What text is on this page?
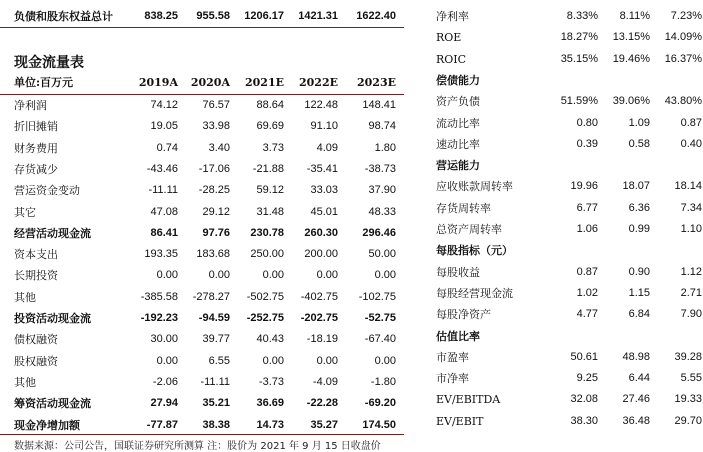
负债和股东权益总计	838.25	955.58	1206.17	1421.31	1622.40
现金流量表
单位:百万元	2019A	2020A	2021E	2022E	2023E
净利润	74.12	76.57	88.64	122.48	148.41
折旧摊销	19.05	33.98	69.69	91.10	98.74
财务费用	0.74	3.40	3.73	4.09	1.80
存货减少	-43.46	-17.06	-21.88	-35.41	-38.73
营运资金变动	-11.11	-28.25	59.12	33.03	37.90
其它	47.08	29.12	31.48	45.01	48.33
经营活动现金流	86.41	97.76	230.78	260.30	296.46
资本支出	193.35	183.68	250.00	200.00	50.00
长期投资	0.00	0.00	0.00	0.00	0.00
其他	-385.58	-278.27	-502.75	-402.75	-102.75
投资活动现金流	-192.23	-94.59	-252.75	-202.75	-52.75
债权融资	30.00	39.77	40.43	-18.19	-67.40
股权融资	0.00	6.55	0.00	0.00	0.00
其他	-2.06	-11.11	-3.73	-4.09	-1.80
筹资活动现金流	27.94	35.21	36.69	-22.28	-69.20
现金净增加额	-77.87	38.38	14.73	35.27	174.50
净利率	8.33%	8.11%	7.23%
ROE	18.27%	13.15%	14.09%
ROIC	35.15%	19.46%	16.37%
偿债能力
资产负债	51.59%	39.06%	43.80%
流动比率	0.80	1.09	0.87
速动比率	0.39	0.58	0.40
营运能力
应收账款周转率	19.96	18.07	18.14
存货周转率	6.77	6.36	7.34
总资产周转率	1.06	0.99	1.10
每股指标（元）
每股收益	0.87	0.90	1.12
每股经营现金流	1.02	1.15	2.71
每股净资产	4.77	6.84	7.90
估值比率
市盈率	50.61	48.98	39.28
市净率	9.25	6.44	5.55
EV/EBITDA	32.08	27.46	19.33
EV/EBIT	38.30	36.48	29.70
数据来源：公司公告，国联证券研究所测算 注：股价为 2021 年 9 月 15 日收盘价
